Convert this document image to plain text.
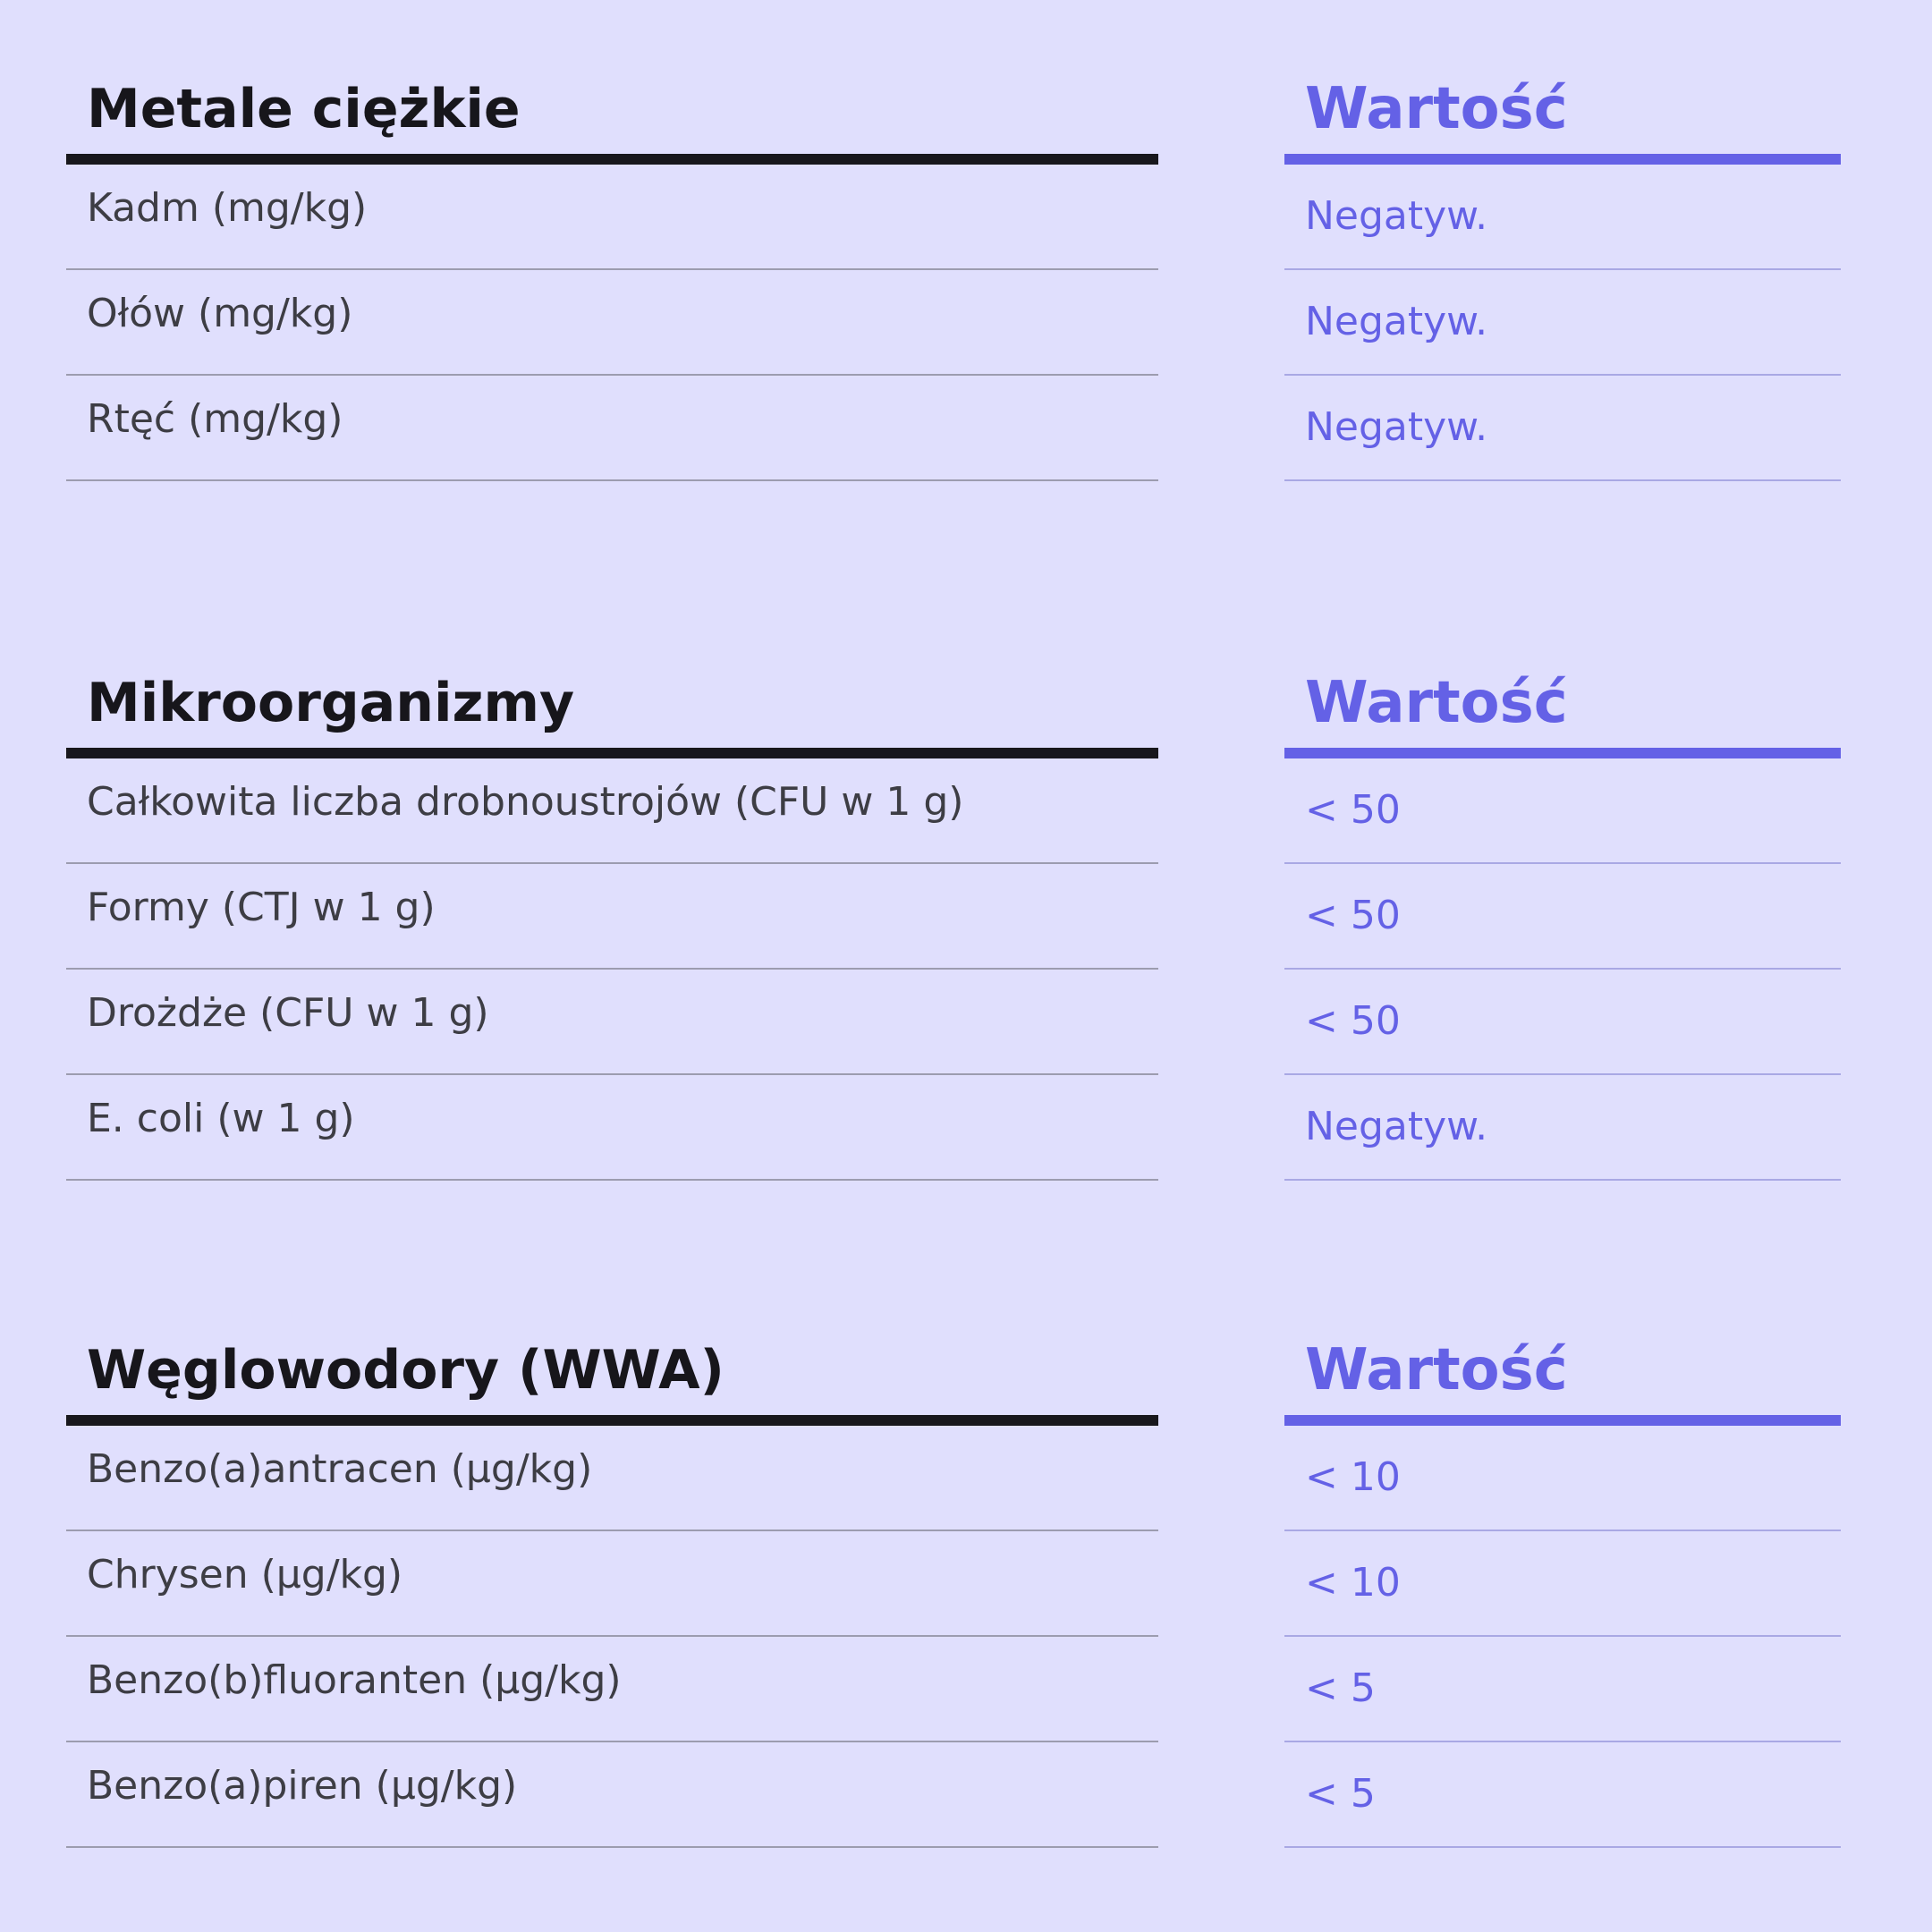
Metale ciężkie
Kadm (mg/kg)
Ołów (mg/kg)
Rtęć (mg/kg)
Wartość
Negatyw.
Negatyw.
Negatyw.
Mikroorganizmy
Całkowita liczba drobnoustrojów (CFU w 1 g)
Formy (CTJ w 1 g)
Drożdże (CFU w 1 g)
E. coli (w 1 g)
Wartość
< 50
< 50
< 50
Negatyw.
Węglowodory (WWA)
Benzo(a)antracen (µg/kg)
Chrysen (µg/kg)
Benzo(b)fluoranten (µg/kg)
Benzo(a)piren (µg/kg)
Wartość
< 10
< 10
< 5
< 5
